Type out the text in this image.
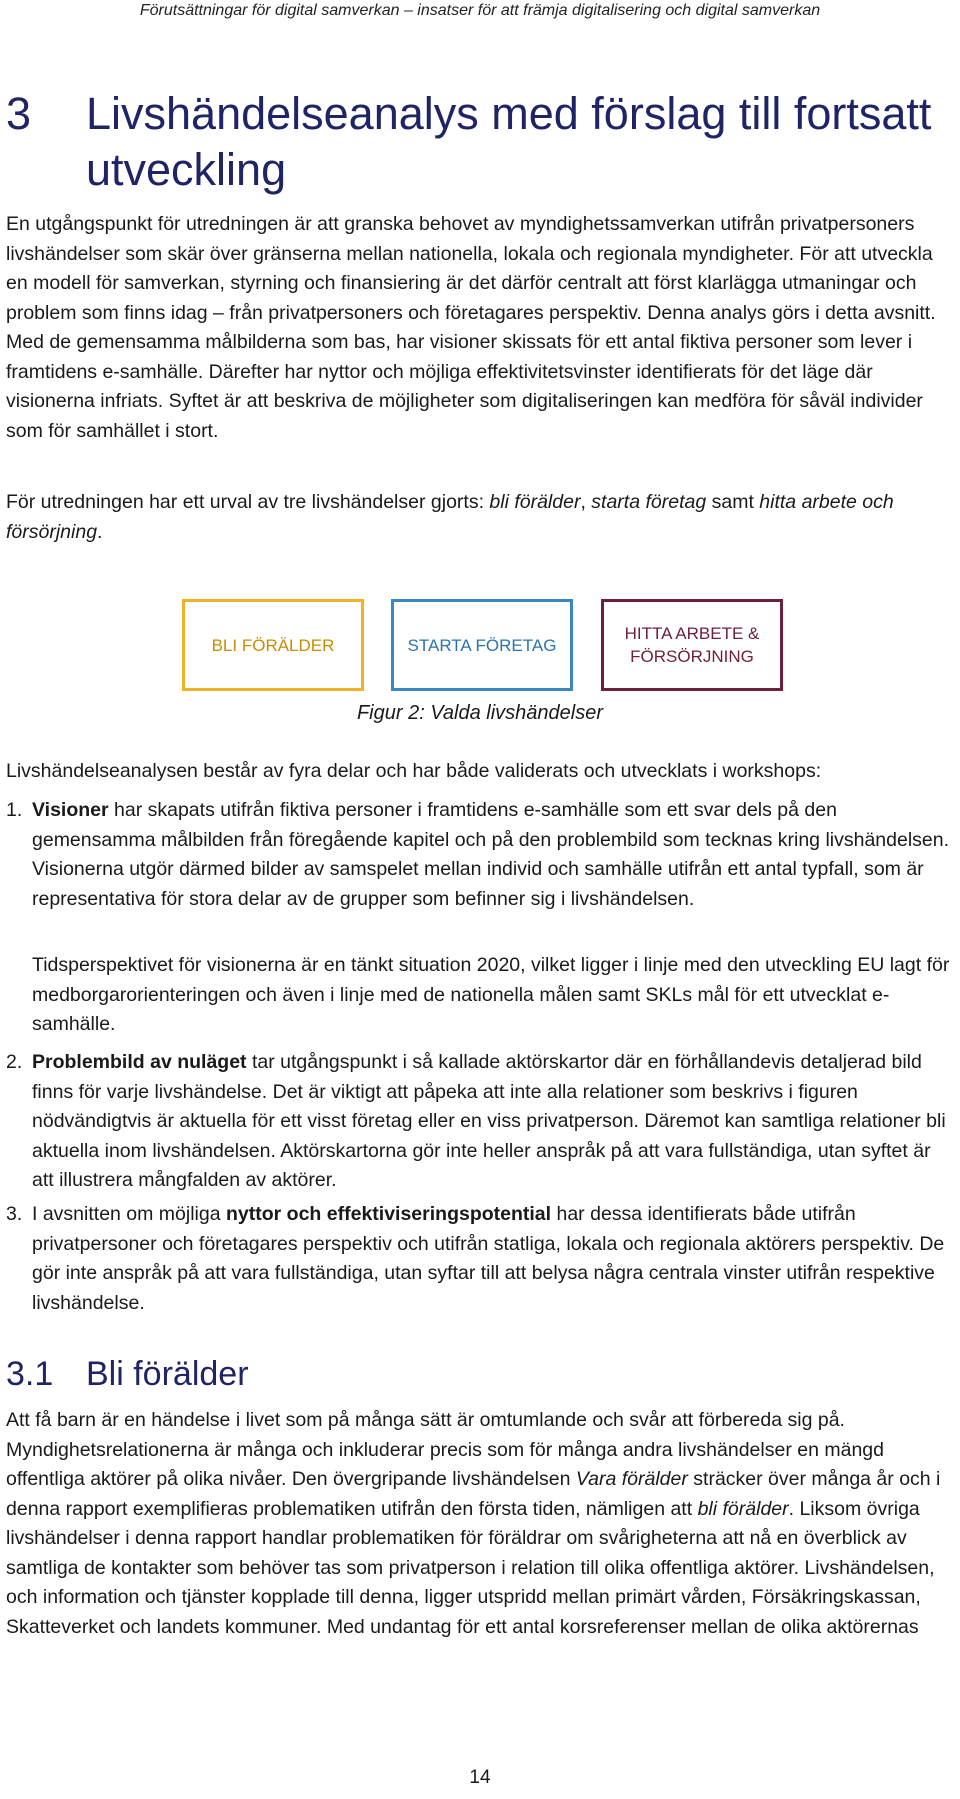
Förutsättningar för digital samverkan – insatser för att främja digitalisering och digital samverkan
3 Livshändelseanalys med förslag till fortsatt utveckling

En utgångspunkt för utredningen är att granska behovet av myndighetssamverkan utifrån privatpersoners livshändelser som skär över gränserna mellan nationella, lokala och regionala myndigheter. För att utveckla en modell för samverkan, styrning och finansiering är det därför centralt att först klarlägga utmaningar och problem som finns idag – från privatpersoners och företagares perspektiv. Denna analys görs i detta avsnitt. Med de gemensamma målbilderna som bas, har visioner skissats för ett antal fiktiva personer som lever i framtidens e-samhälle. Därefter har nyttor och möjliga effektivitetsvinster identifierats för det läge där visionerna infriats. Syftet är att beskriva de möjligheter som digitaliseringen kan medföra för såväl individer som för samhället i stort.

För utredningen har ett urval av tre livshändelser gjorts: bli förälder, starta företag samt hitta arbete och försörjning.

BLI FÖRÄLDER	STARTA FÖRETAG
HITTA ARBETE & FÖRSÖRJNING
Figur 2: Valda livshändelser

Livshändelseanalysen består av fyra delar och har både validerats och utvecklats i workshops:

1. Visioner har skapats utifrån fiktiva personer i framtidens e-samhälle som ett svar dels på den gemensamma målbilden från föregående kapitel och på den problembild som tecknas kring livshändelsen. Visionerna utgör därmed bilder av samspelet mellan individ och samhälle utifrån ett antal typfall, som är representativa för stora delar av de grupper som befinner sig i livshändelsen.
Tidsperspektivet för visionerna är en tänkt situation 2020, vilket ligger i linje med den utveckling EU lagt för medborgarorienteringen och även i linje med de nationella målen samt SKLs mål för ett utvecklat e-samhälle.
2. Problembild av nuläget tar utgångspunkt i så kallade aktörskartor där en förhållandevis detaljerad bild finns för varje livshändelse. Det är viktigt att påpeka att inte alla relationer som beskrivs i figuren nödvändigtvis är aktuella för ett visst företag eller en viss privatperson. Däremot kan samtliga relationer bli aktuella inom livshändelsen. Aktörskartorna gör inte heller anspråk på att vara fullständiga, utan syftet är att illustrera mångfalden av aktörer.
3. I avsnitten om möjliga nyttor och effektiviseringspotential har dessa identifierats både utifrån privatpersoner och företagares perspektiv och utifrån statliga, lokala och regionala aktörers perspektiv. De gör inte anspråk på att vara fullständiga, utan syftar till att belysa några centrala vinster utifrån respektive livshändelse.
3.1 Bli förälder

Att få barn är en händelse i livet som på många sätt är omtumlande och svår att förbereda sig på. Myndighetsrelationerna är många och inkluderar precis som för många andra livshändelser en mängd offentliga aktörer på olika nivåer. Den övergripande livshändelsen Vara förälder sträcker över många år och i denna rapport exemplifieras problematiken utifrån den första tiden, nämligen att bli förälder. Liksom övriga livshändelser i denna rapport handlar problematiken för föräldrar om svårigheterna att nå en överblick av samtliga de kontakter som behöver tas som privatperson i relation till olika offentliga aktörer. Livshändelsen, och information och tjänster kopplade till denna, ligger utspridd mellan primärt vården, Försäkringskassan, Skatteverket och landets kommuner. Med undantag för ett antal korsreferenser mellan de olika aktörernas

14
